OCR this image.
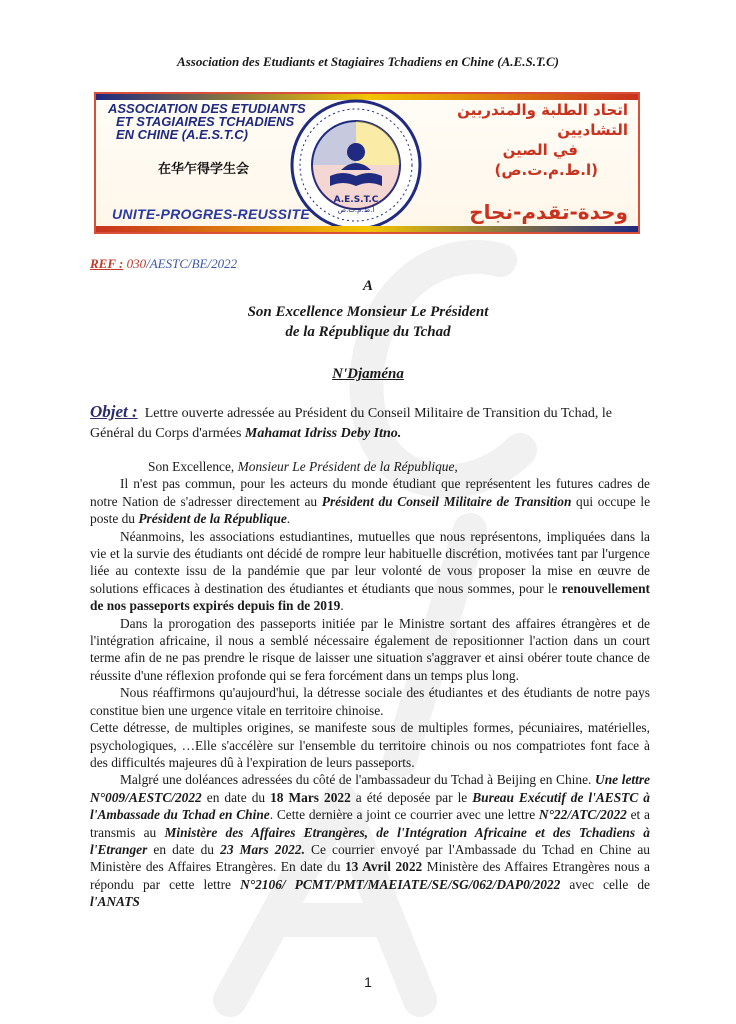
Association des Etudiants et Stagiaires Tchadiens en Chine (A.E.S.T.C)
ASSOCIATION DES ETUDIANTS
ET STAGIAIRES TCHADIENS
EN CHINE (A.E.S.T.C)
在华乍得学生会
UNITE-PROGRES-REUSSITE
A.E.S.T.C
ا.ط.م.ت.ص
اتحاد الطلبة والمتدربين التشاديين
في الصين
(ا.ط.م.ت.ص)
وحدة-تقدم-نجاح
REF : 030/AESTC/BE/2022
A
Son Excellence Monsieur Le Président
de la République du Tchad
N'Djaména
Objet : Lettre ouverte adressée au Président du Conseil Militaire de Transition du Tchad, le Général du Corps d'armées Mahamat Idriss Deby Itno.

Son Excellence, Monsieur Le Président de la République,

Il n'est pas commun, pour les acteurs du monde étudiant que représentent les futures cadres de notre Nation de s'adresser directement au Président du Conseil Militaire de Transition qui occupe le poste du Président de la République.

Néanmoins, les associations estudiantines, mutuelles que nous représentons, impliquées dans la vie et la survie des étudiants ont décidé de rompre leur habituelle discrétion, motivées tant par l'urgence liée au contexte issu de la pandémie que par leur volonté de vous proposer la mise en œuvre de solutions efficaces à destination des étudiantes et étudiants que nous sommes, pour le renouvellement de nos passeports expirés depuis fin de 2019.

Dans la prorogation des passeports initiée par le Ministre sortant des affaires étrangères et de l'intégration africaine, il nous a semblé nécessaire également de repositionner l'action dans un court terme afin de ne pas prendre le risque de laisser une situation s'aggraver et ainsi obérer toute chance de réussite d'une réflexion profonde qui se fera forcément dans un temps plus long.

Nous réaffirmons qu'aujourd'hui, la détresse sociale des étudiantes et des étudiants de notre pays constitue bien une urgence vitale en territoire chinoise.

Cette détresse, de multiples origines, se manifeste sous de multiples formes, pécuniaires, matérielles, psychologiques, …Elle s'accélère sur l'ensemble du territoire chinois ou nos compatriotes font face à des difficultés majeures dû à l'expiration de leurs passeports.

Malgré une doléances adressées du côté de l'ambassadeur du Tchad à Beijing en Chine. Une lettre N°009/AESTC/2022 en date du 18 Mars 2022 a été deposée par le Bureau Exécutif de l'AESTC à l'Ambassade du Tchad en Chine. Cette dernière a joint ce courrier avec une lettre N°22/ATC/2022 et a transmis au Ministère des Affaires Etrangères, de l'Intégration Africaine et des Tchadiens à l'Etranger en date du 23 Mars 2022. Ce courrier envoyé par l'Ambassade du Tchad en Chine au Ministère des Affaires Etrangères. En date du 13 Avril 2022 Ministère des Affaires Etrangères nous a répondu par cette lettre N°2106/ PCMT/PMT/MAEIATE/SE/SG/062/DAP0/2022 avec celle de l'ANATS

1
